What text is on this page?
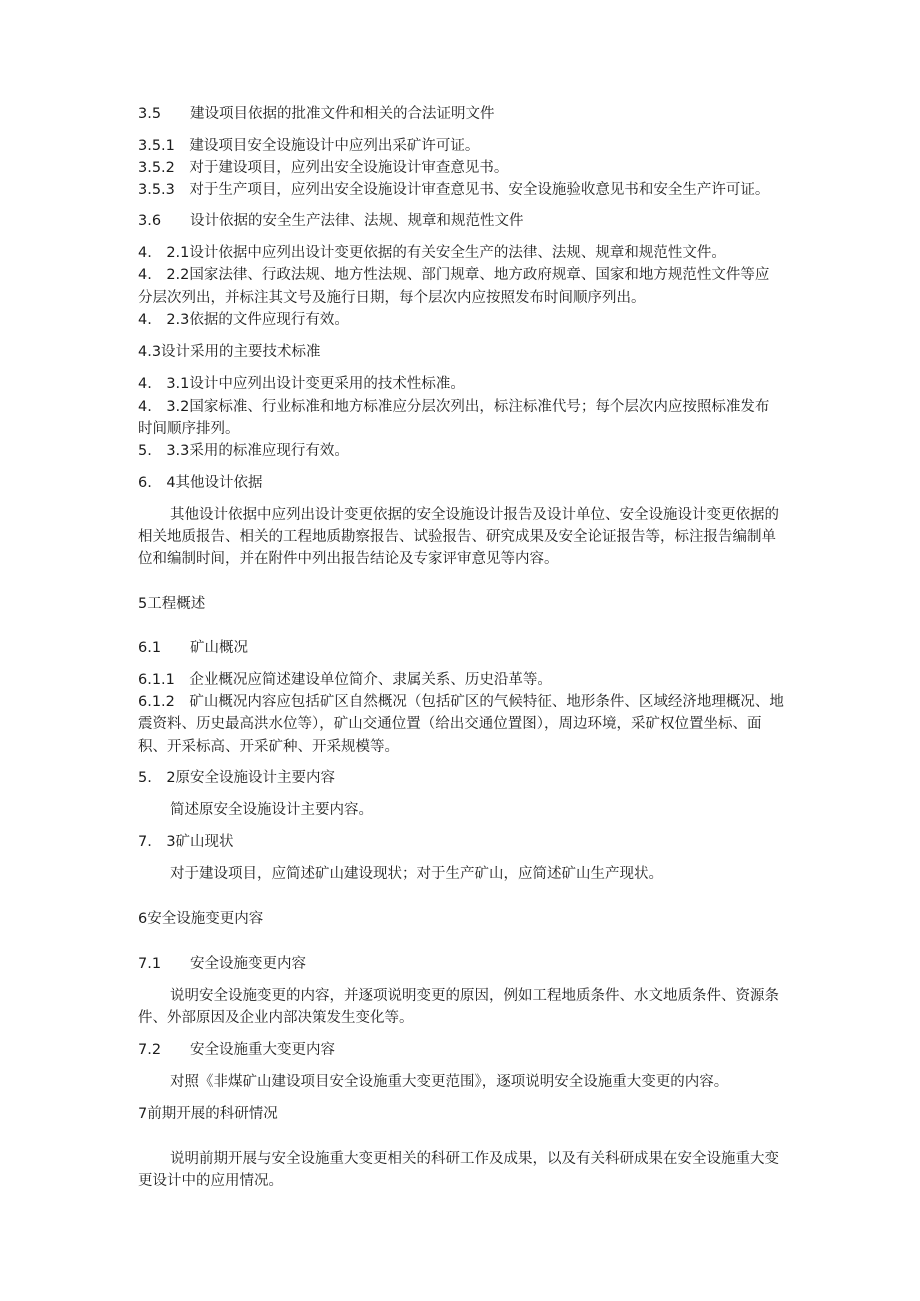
3.5　　建设项目依据的批准文件和相关的合法证明文件
3.5.1　建设项目安全设施设计中应列出采矿许可证。
3.5.2　对于建设项目，应列出安全设施设计审查意见书。
3.5.3　对于生产项目，应列出安全设施设计审查意见书、安全设施验收意见书和安全生产许可证。
3.6　　设计依据的安全生产法律、法规、规章和规范性文件
4.　2.1设计依据中应列出设计变更依据的有关安全生产的法律、法规、规章和规范性文件。
4.　2.2国家法律、行政法规、地方性法规、部门规章、地方政府规章、国家和地方规范性文件等应
分层次列出，并标注其文号及施行日期，每个层次内应按照发布时间顺序列出。
4.　2.3依据的文件应现行有效。
4.3设计采用的主要技术标准
4.　3.1设计中应列出设计变更采用的技术性标准。
4.　3.2国家标准、行业标准和地方标准应分层次列出，标注标准代号；每个层次内应按照标准发布
时间顺序排列。
5.　3.3采用的标准应现行有效。
6.　4其他设计依据
其他设计依据中应列出设计变更依据的安全设施设计报告及设计单位、安全设施设计变更依据的
相关地质报告、相关的工程地质勘察报告、试验报告、研究成果及安全论证报告等，标注报告编制单
位和编制时间，并在附件中列出报告结论及专家评审意见等内容。
5工程概述
6.1　　矿山概况
6.1.1　企业概况应简述建设单位简介、隶属关系、历史沿革等。
6.1.2　矿山概况内容应包括矿区自然概况（包括矿区的气候特征、地形条件、区域经济地理概况、地
震资料、历史最高洪水位等），矿山交通位置（给出交通位置图），周边环境，采矿权位置坐标、面
积、开采标高、开采矿种、开采规模等。
5.　2原安全设施设计主要内容
简述原安全设施设计主要内容。
7.　3矿山现状
对于建设项目，应简述矿山建设现状；对于生产矿山，应简述矿山生产现状。
6安全设施变更内容
7.1　　安全设施变更内容
说明安全设施变更的内容，并逐项说明变更的原因，例如工程地质条件、水文地质条件、资源条
件、外部原因及企业内部决策发生变化等。
7.2　　安全设施重大变更内容
对照《非煤矿山建设项目安全设施重大变更范围》，逐项说明安全设施重大变更的内容。
7前期开展的科研情况
说明前期开展与安全设施重大变更相关的科研工作及成果，以及有关科研成果在安全设施重大变
更设计中的应用情况。
